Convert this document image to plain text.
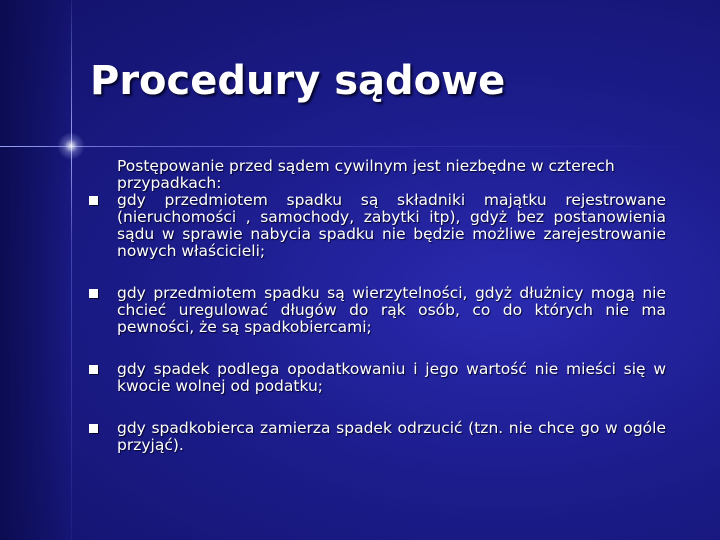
Procedury sądowe

Postępowanie przed sądem cywilnym jest niezbędne w czterech przypadkach:

gdy przedmiotem spadku są składniki majątku rejestrowane (nieruchomości , samochody, zabytki itp), gdyż bez postanowienia sądu w sprawie nabycia spadku nie będzie możliwe zarejestrowanie nowych właścicieli;
gdy przedmiotem spadku są wierzytelności, gdyż dłużnicy mogą nie chcieć uregulować długów do rąk osób, co do których nie ma pewności, że są spadkobiercami;
gdy spadek podlega opodatkowaniu i jego wartość nie mieści się w kwocie wolnej od podatku;
gdy spadkobierca zamierza spadek odrzucić (tzn. nie chce go w ogóle przyjąć).
